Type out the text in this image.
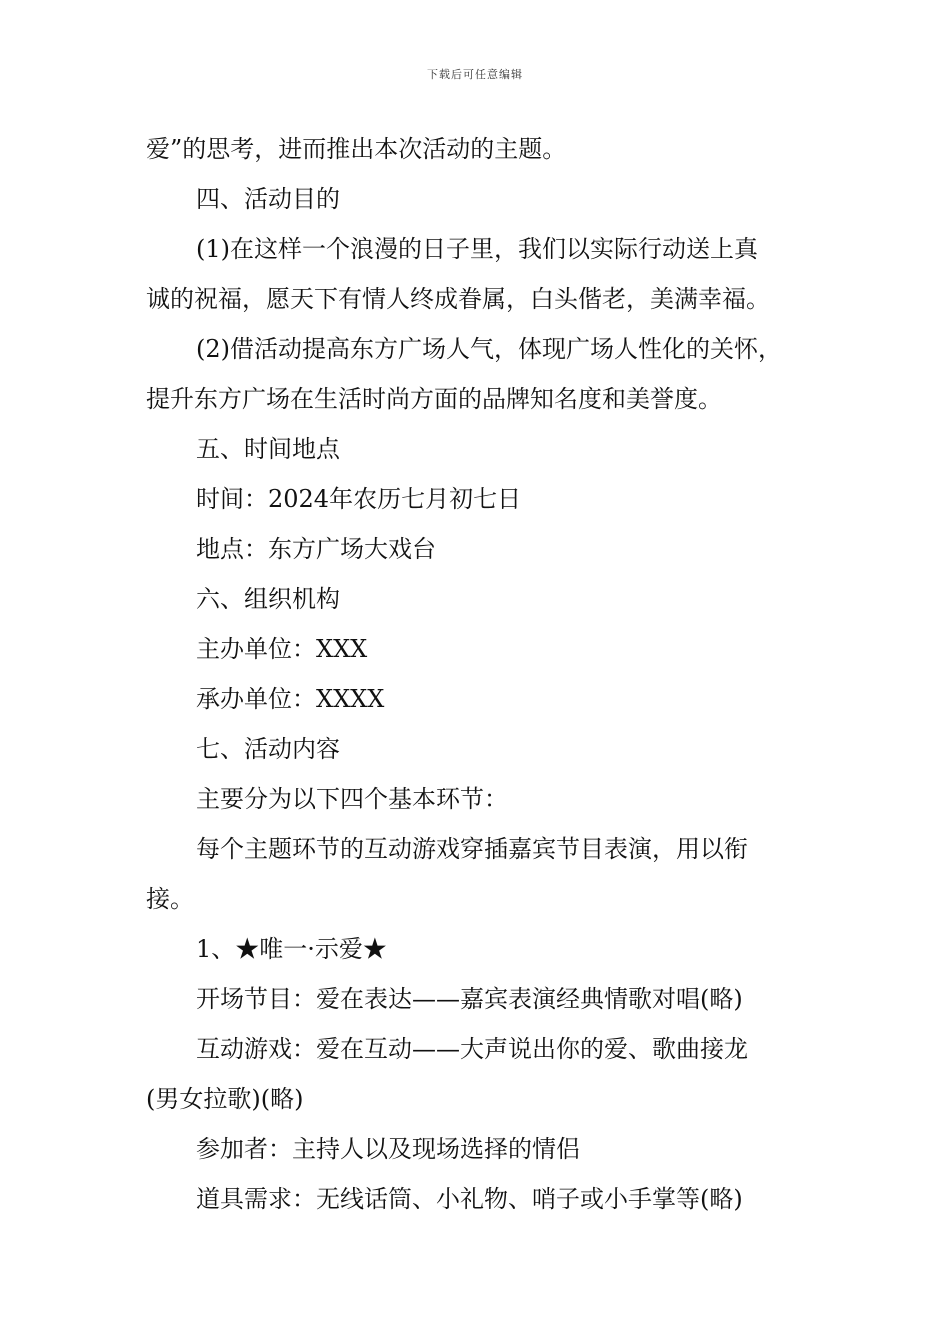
下载后可任意编辑
爱”的思考，进而推出本次活动的主题。
四、活动目的
(1)在这样一个浪漫的日子里，我们以实际行动送上真
诚的祝福，愿天下有情人终成眷属，白头偕老，美满幸福。
(2)借活动提高东方广场人气，体现广场人性化的关怀，
提升东方广场在生活时尚方面的品牌知名度和美誉度。
五、时间地点
时间：2024年农历七月初七日
地点：东方广场大戏台
六、组织机构
主办单位：XXX
承办单位：XXXX
七、活动内容
主要分为以下四个基本环节：
每个主题环节的互动游戏穿插嘉宾节目表演，用以衔
接。
1、★唯一·示爱★
开场节目：爱在表达——嘉宾表演经典情歌对唱(略)
互动游戏：爱在互动——大声说出你的爱、歌曲接龙
(男女拉歌)(略)
参加者：主持人以及现场选择的情侣
道具需求：无线话筒、小礼物、哨子或小手掌等(略)
